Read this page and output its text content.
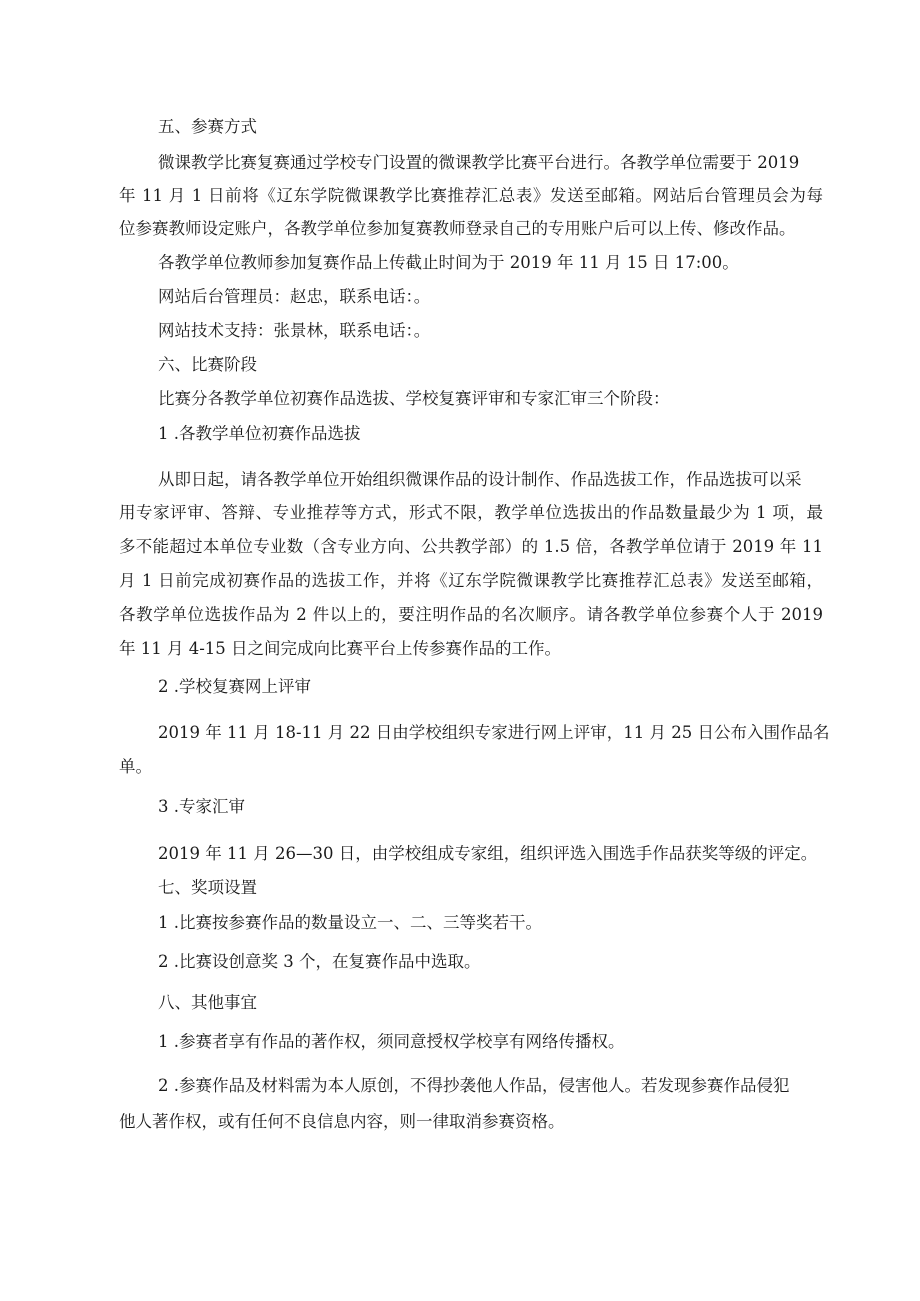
五、参赛方式
微课教学比赛复赛通过学校专门设置的微课教学比赛平台进行。各教学单位需要于 2019
年 11 月 1 日前将《辽东学院微课教学比赛推荐汇总表》发送至邮箱。网站后台管理员会为每
位参赛教师设定账户，各教学单位参加复赛教师登录自己的专用账户后可以上传、修改作品。
各教学单位教师参加复赛作品上传截止时间为于 2019 年 11 月 15 日 17:00。
网站后台管理员：赵忠，联系电话：。
网站技术支持：张景林，联系电话：。
六、比赛阶段
比赛分各教学单位初赛作品选拔、学校复赛评审和专家汇审三个阶段：
1 .各教学单位初赛作品选拔
从即日起，请各教学单位开始组织微课作品的设计制作、作品选拔工作，作品选拔可以采
用专家评审、答辩、专业推荐等方式，形式不限，教学单位选拔出的作品数量最少为 1 项，最
多不能超过本单位专业数（含专业方向、公共教学部）的 1.5 倍，各教学单位请于 2019 年 11
月 1 日前完成初赛作品的选拔工作，并将《辽东学院微课教学比赛推荐汇总表》发送至邮箱，
各教学单位选拔作品为 2 件以上的，要注明作品的名次顺序。请各教学单位参赛个人于 2019
年 11 月 4-15 日之间完成向比赛平台上传参赛作品的工作。
2 .学校复赛网上评审
2019 年 11 月 18-11 月 22 日由学校组织专家进行网上评审，11 月 25 日公布入围作品名
单。
3 .专家汇审
2019 年 11 月 26—30 日，由学校组成专家组，组织评选入围选手作品获奖等级的评定。
七、奖项设置
1 .比赛按参赛作品的数量设立一、二、三等奖若干。
2 .比赛设创意奖 3 个，在复赛作品中选取。
八、其他事宜
1 .参赛者享有作品的著作权，须同意授权学校享有网络传播权。
2 .参赛作品及材料需为本人原创，不得抄袭他人作品，侵害他人。若发现参赛作品侵犯
他人著作权，或有任何不良信息内容，则一律取消参赛资格。
